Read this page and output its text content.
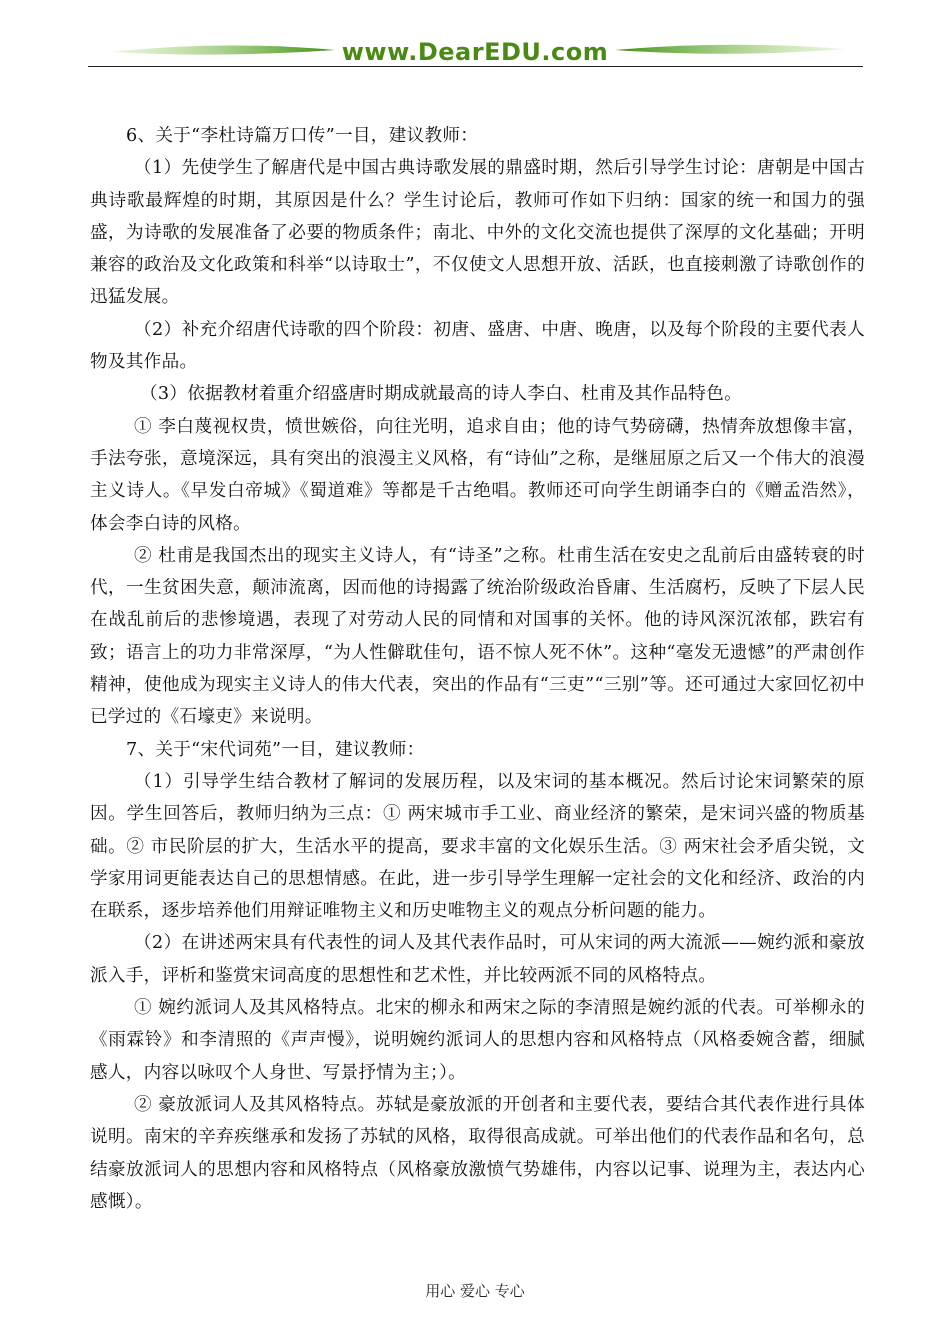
www.DearEDU.com

6、关于“李杜诗篇万口传”一目，建议教师：

（1）先使学生了解唐代是中国古典诗歌发展的鼎盛时期，然后引导学生讨论：唐朝是中国古典诗歌最辉煌的时期，其原因是什么？学生讨论后，教师可作如下归纳：国家的统一和国力的强盛，为诗歌的发展准备了必要的物质条件；南北、中外的文化交流也提供了深厚的文化基础；开明兼容的政治及文化政策和科举“以诗取士”，不仅使文人思想开放、活跃，也直接刺激了诗歌创作的迅猛发展。

（2）补充介绍唐代诗歌的四个阶段：初唐、盛唐、中唐、晚唐，以及每个阶段的主要代表人物及其作品。

（3）依据教材着重介绍盛唐时期成就最高的诗人李白、杜甫及其作品特色。

① 李白蔑视权贵，愤世嫉俗，向往光明，追求自由；他的诗气势磅礴，热情奔放想像丰富，手法夸张，意境深远，具有突出的浪漫主义风格，有“诗仙”之称，是继屈原之后又一个伟大的浪漫主义诗人。《早发白帝城》《蜀道难》等都是千古绝唱。教师还可向学生朗诵李白的《赠孟浩然》，体会李白诗的风格。

② 杜甫是我国杰出的现实主义诗人，有“诗圣”之称。杜甫生活在安史之乱前后由盛转衰的时代，一生贫困失意，颠沛流离，因而他的诗揭露了统治阶级政治昏庸、生活腐朽，反映了下层人民在战乱前后的悲惨境遇，表现了对劳动人民的同情和对国事的关怀。他的诗风深沉浓郁，跌宕有致；语言上的功力非常深厚，“为人性僻耽佳句，语不惊人死不休”。这种“毫发无遗憾”的严肃创作精神，使他成为现实主义诗人的伟大代表，突出的作品有“三吏”“三别”等。还可通过大家回忆初中已学过的《石壕吏》来说明。

7、关于“宋代词苑”一目，建议教师：

（1）引导学生结合教材了解词的发展历程，以及宋词的基本概况。然后讨论宋词繁荣的原因。学生回答后，教师归纳为三点：① 两宋城市手工业、商业经济的繁荣，是宋词兴盛的物质基础。② 市民阶层的扩大，生活水平的提高，要求丰富的文化娱乐生活。③ 两宋社会矛盾尖锐，文学家用词更能表达自己的思想情感。在此，进一步引导学生理解一定社会的文化和经济、政治的内在联系，逐步培养他们用辩证唯物主义和历史唯物主义的观点分析问题的能力。

（2）在讲述两宋具有代表性的词人及其代表作品时，可从宋词的两大流派——婉约派和豪放派入手，评析和鉴赏宋词高度的思想性和艺术性，并比较两派不同的风格特点。

① 婉约派词人及其风格特点。北宋的柳永和两宋之际的李清照是婉约派的代表。可举柳永的《雨霖铃》和李清照的《声声慢》，说明婉约派词人的思想内容和风格特点（风格委婉含蓄，细腻感人，内容以咏叹个人身世、写景抒情为主；）。

② 豪放派词人及其风格特点。苏轼是豪放派的开创者和主要代表，要结合其代表作进行具体说明。南宋的辛弃疾继承和发扬了苏轼的风格，取得很高成就。可举出他们的代表作品和名句，总结豪放派词人的思想内容和风格特点（风格豪放激愤气势雄伟，内容以记事、说理为主，表达内心感慨）。

用心 爱心 专心
